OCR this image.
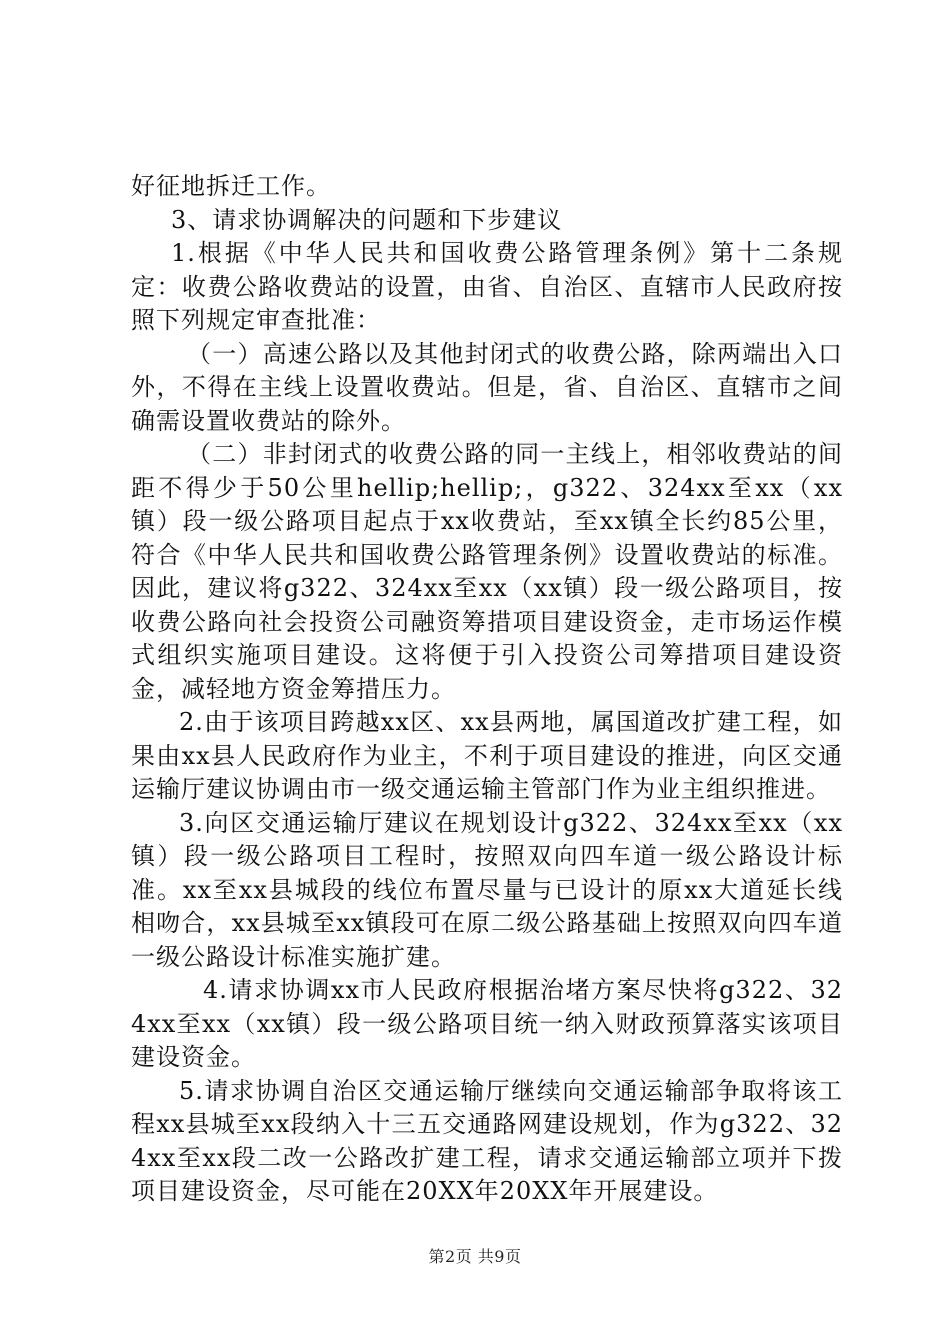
好征地拆迁工作。

3、请求协调解决的问题和下步建议

1.根据《中华人民共和国收费公路管理条例》第十二条规定：收费公路收费站的设置，由省、自治区、直辖市人民政府按照下列规定审查批准：

（一）高速公路以及其他封闭式的收费公路，除两端出入口外，不得在主线上设置收费站。但是，省、自治区、直辖市之间确需设置收费站的除外。

（二）非封闭式的收费公路的同一主线上，相邻收费站的间距不得少于50公里hellip;hellip;，g322、324xx至xx（xx镇）段一级公路项目起点于xx收费站，至xx镇全长约85公里，符合《中华人民共和国收费公路管理条例》设置收费站的标准。因此，建议将g322、324xx至xx（xx镇）段一级公路项目，按收费公路向社会投资公司融资筹措项目建设资金，走市场运作模式组织实施项目建设。这将便于引入投资公司筹措项目建设资金，减轻地方资金筹措压力。

2.由于该项目跨越xx区、xx县两地，属国道改扩建工程，如果由xx县人民政府作为业主，不利于项目建设的推进，向区交通运输厅建议协调由市一级交通运输主管部门作为业主组织推进。

3.向区交通运输厅建议在规划设计g322、324xx至xx（xx镇）段一级公路项目工程时，按照双向四车道一级公路设计标准。xx至xx县城段的线位布置尽量与已设计的原xx大道延长线相吻合，xx县城至xx镇段可在原二级公路基础上按照双向四车道一级公路设计标准实施扩建。

4.请求协调xx市人民政府根据治堵方案尽快将g322、324xx至xx（xx镇）段一级公路项目统一纳入财政预算落实该项目建设资金。

5.请求协调自治区交通运输厅继续向交通运输部争取将该工程xx县城至xx段纳入十三五交通路网建设规划，作为g322、324xx至xx段二改一公路改扩建工程，请求交通运输部立项并下拨项目建设资金，尽可能在20XX年20XX年开展建设。

第2页 共9页
